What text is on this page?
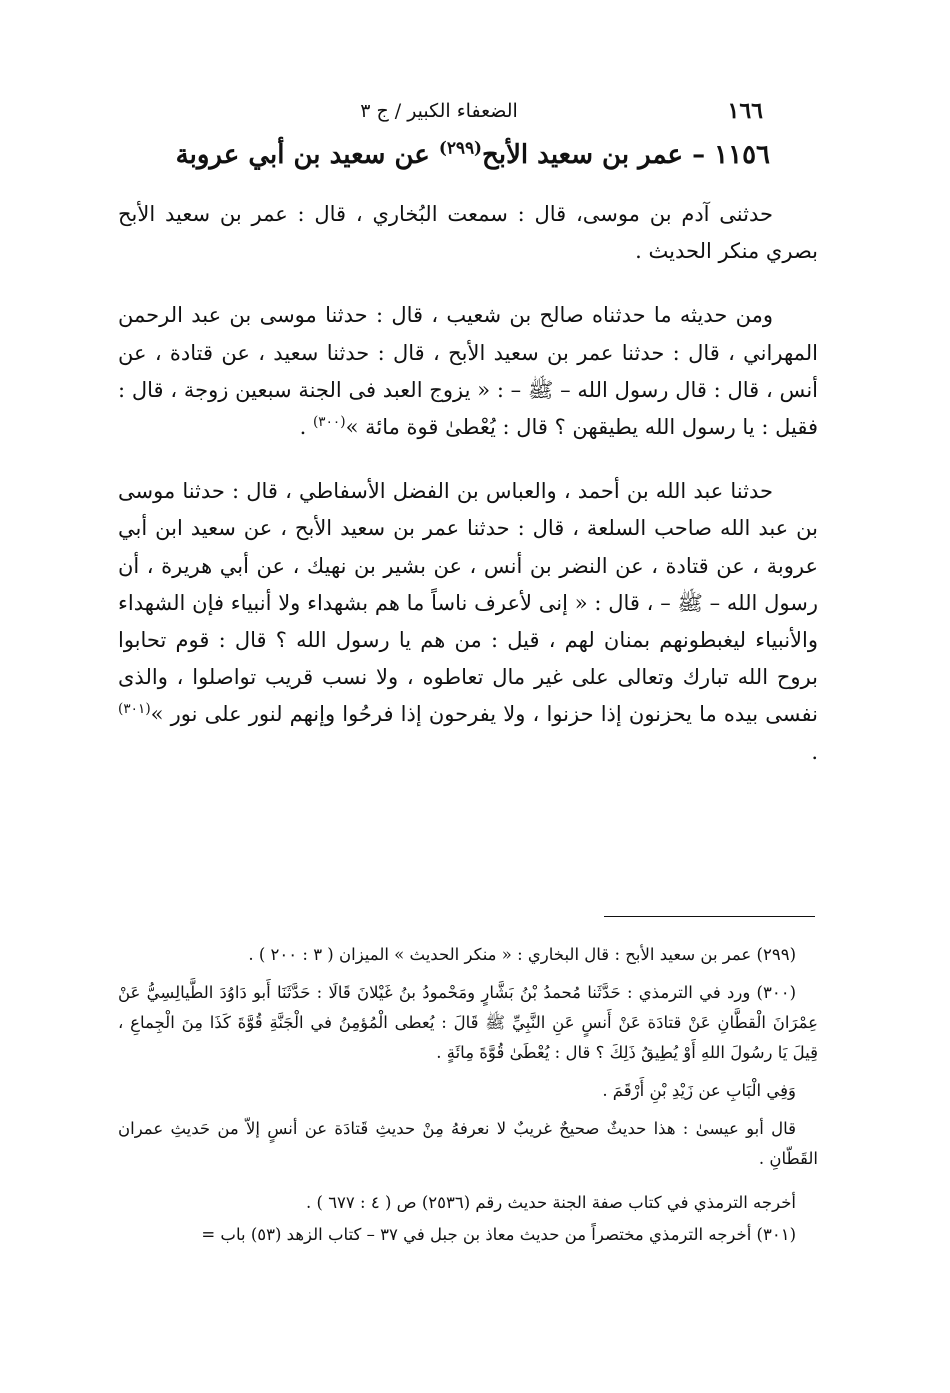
١٦٦
الضعفاء الكبير / ج ٣
١١٥٦ – عمر بن سعيد الأبح$^{(٢٩٩)}$ عن سعيد بن أبي عروبة

حدثنى آدم بن موسى، قال : سمعت البُخاري ، قال : عمر بن سعيد الأبح بصري منكر الحديث .

ومن حديثه ما حدثناه صالح بن شعيب ، قال : حدثنا موسى بن عبد الرحمن المهراني ، قال : حدثنا عمر بن سعيد الأبح ، قال : حدثنا سعيد ، عن قتادة ، عن أنس ، قال : قال رسول الله – ﷺ – : « يزوج العبد فى الجنة سبعين زوجة ، قال : فقيل : يا رسول الله يطيقهن ؟ قال : يُعْطىٰ قوة مائة »$^{(٣٠٠)}$ .

حدثنا عبد الله بن أحمد ، والعباس بن الفضل الأسفاطي ، قال : حدثنا موسى بن عبد الله صاحب السلعة ، قال : حدثنا عمر بن سعيد الأبح ، عن سعيد ابن أبي عروبة ، عن قتادة ، عن النضر بن أنس ، عن بشير بن نهيك ، عن أبي هريرة ، أن رسول الله – ﷺ – ، قال : « إنى لأعرف ناساً ما هم بشهداء ولا أنبياء فإن الشهداء والأنبياء ليغبطونهم بمنان لهم ، قيل : من هم يا رسول الله ؟ قال : قوم تحابوا بروح الله تبارك وتعالى على غير مال تعاطوه ، ولا نسب قريب تواصلوا ، والذى نفسى بيده ما يحزنون إذا حزنوا ، ولا يفرحون إذا فرحُوا وإنهم لنور على نور »$^{(٣٠١)}$ .

(٢٩٩) عمر بن سعيد الأبح : قال البخاري : « منكر الحديث » الميزان ( ٣ : ٢٠٠ ) .

(٣٠٠) ورد في الترمذي : حَدَّثَنا مُحمدُ بْنُ بَشَّارٍ ومَحْمودُ بنُ غَيْلانَ قَالَا : حَدَّثَنَا أَبو دَاوُدَ الطَّيالِسِيُّ عَنْ عِمْرَانَ الْقطَّانِ عَنْ قتادَة عَنْ أَنسٍ عَنِ النَّبِيِّ ﷺ قَالَ : يُعطى الْمُؤمِنُ في الْجَنَّةِ قُوَّةَ كَذَا مِنَ الْجِماعِ ، قِيلَ يَا رسُولَ اللهِ أَوْ يُطِيقُ ذَلِكَ ؟ قال : يُعْطَىٰ قُوَّةَ مِائَةٍ .

وَفِي الْبَابِ عن زَيْدِ بْنِ أَرْقَمَ .

قال أبو عيسىٰ : هذا حديثٌ صحيحٌ غريبٌ لا نعرفهُ مِنْ حديثِ قَتادَة عن أنسٍ إلاّ من حَديثِ عمران القَطّانِ .

أخرجه الترمذي في كتاب صفة الجنة حديث رقم (٢٥٣٦) ص ( ٤ : ٦٧٧ ) .

(٣٠١) أخرجه الترمذي مختصراً من حديث معاذ بن جبل في ٣٧ – كتاب الزهد (٥٣) باب =
